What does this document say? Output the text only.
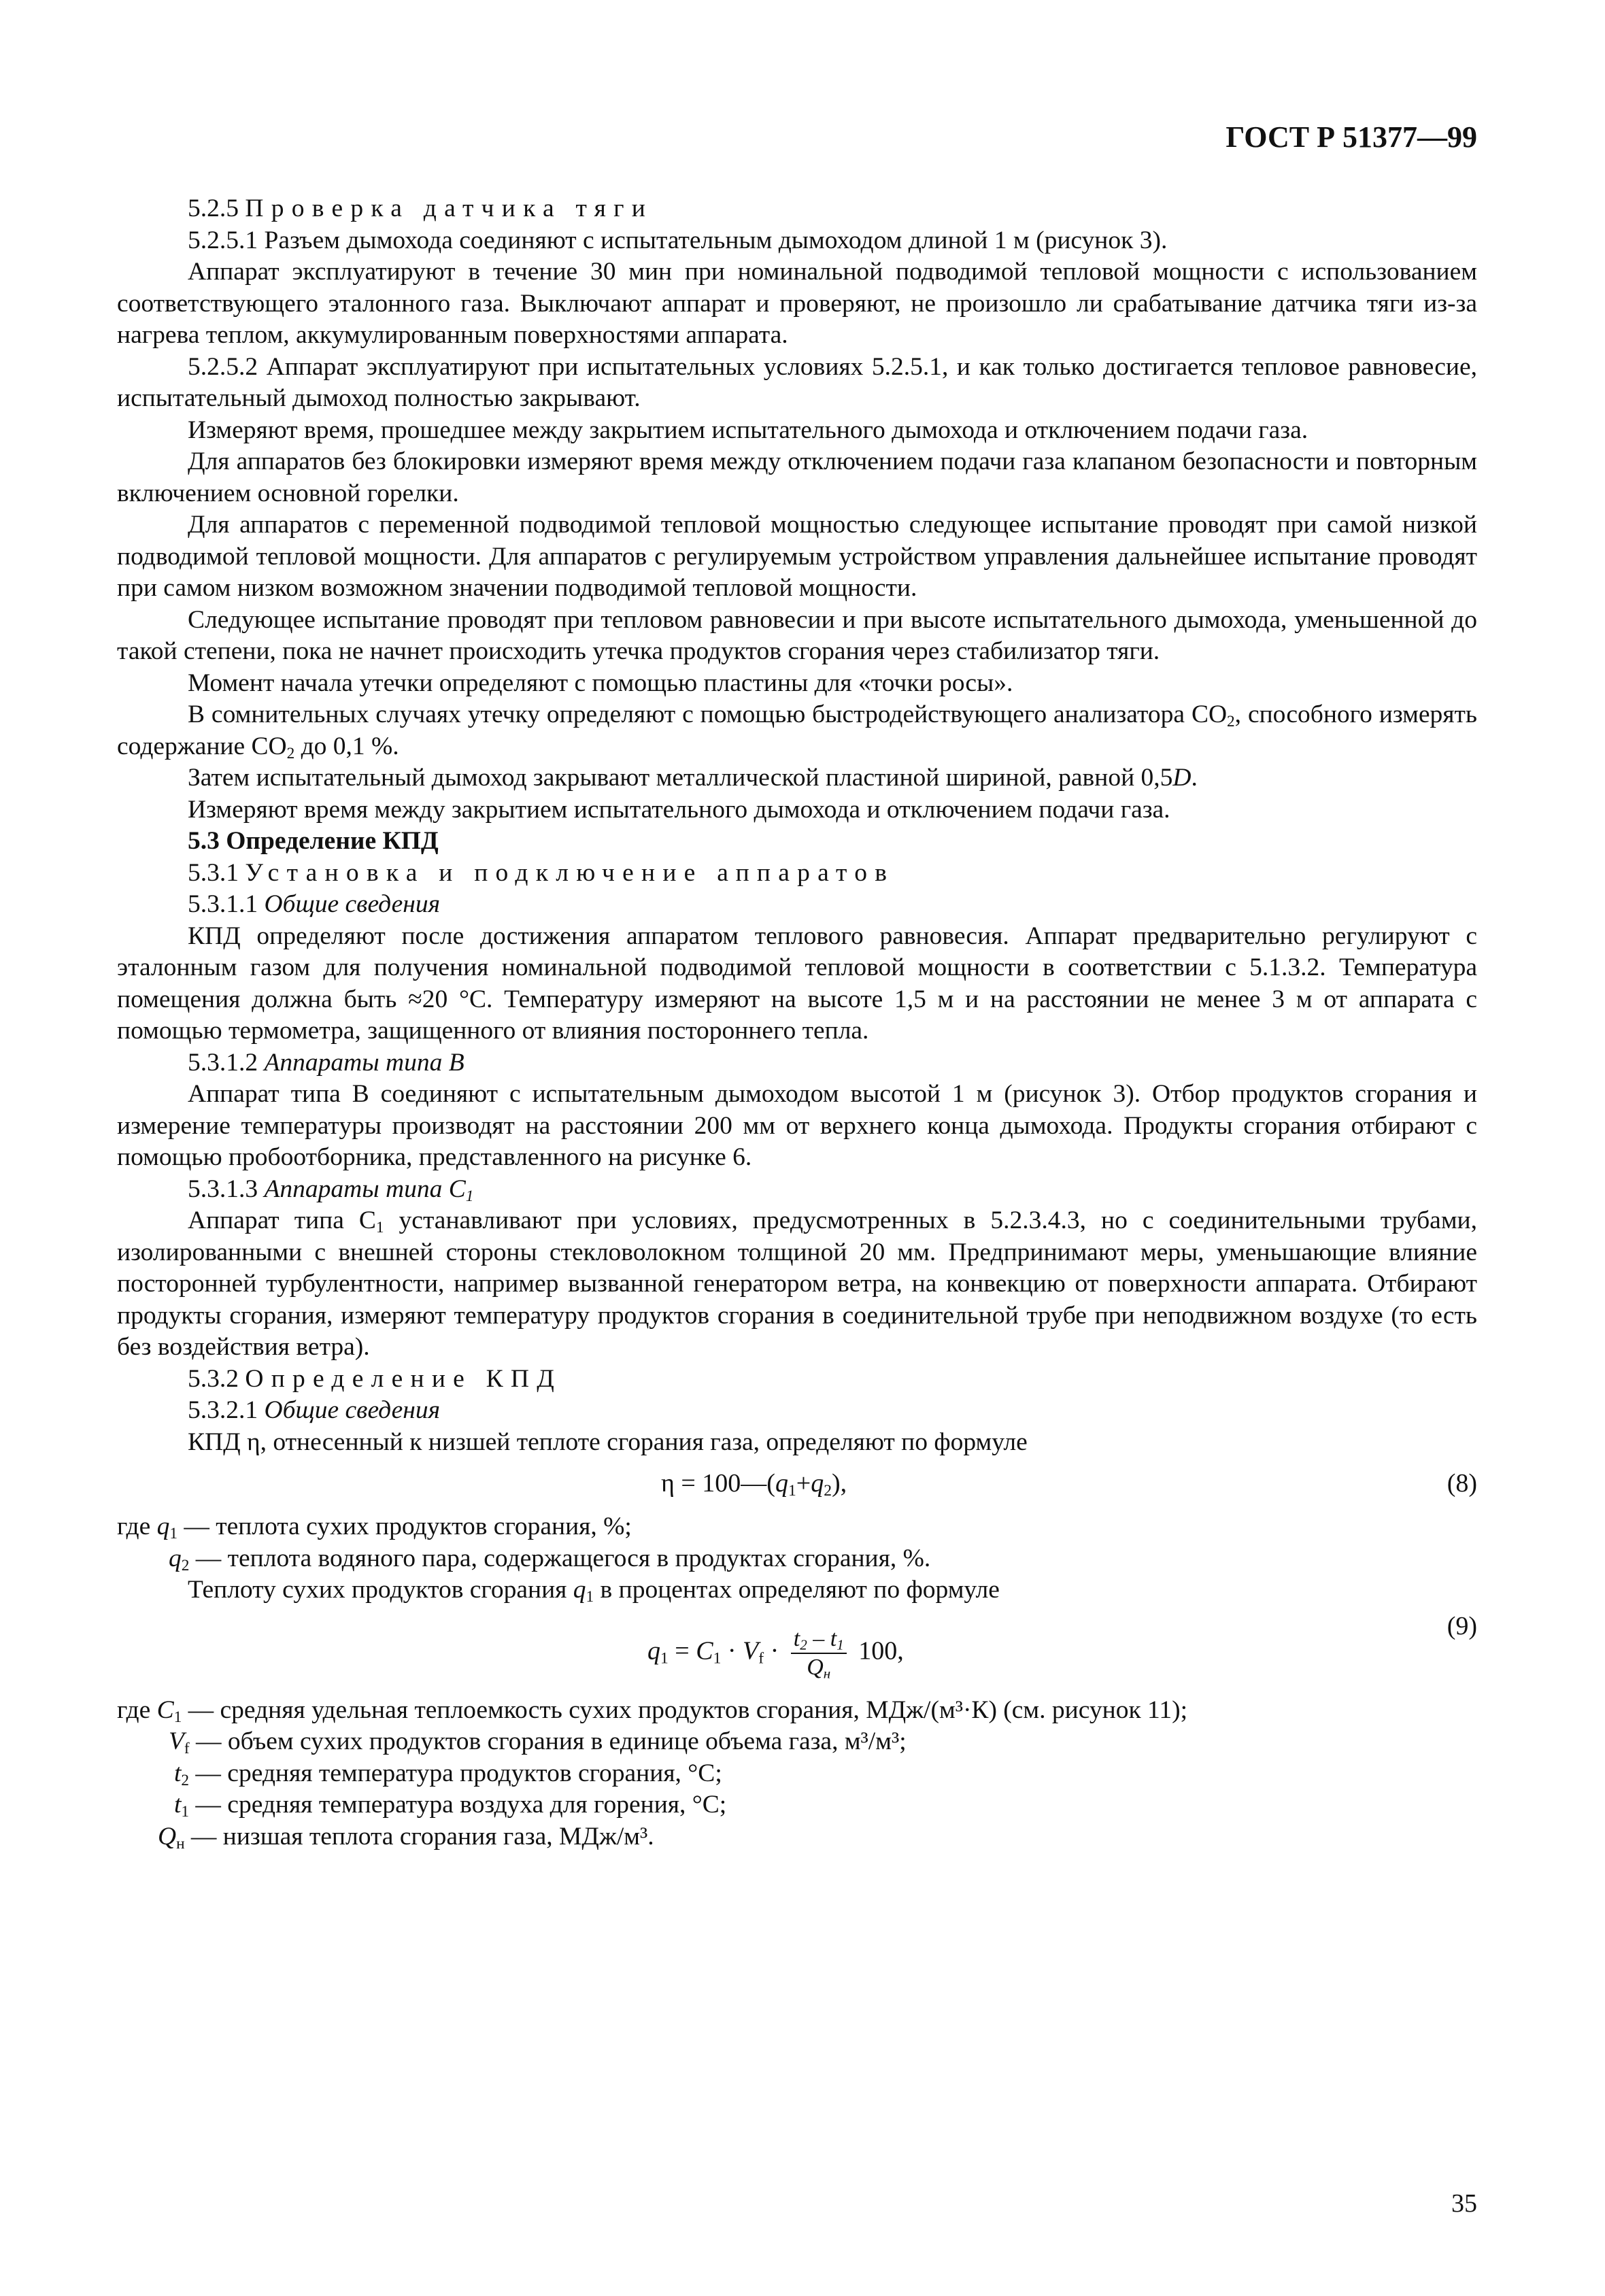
ГОСТ Р 51377—99

5.2.5 Проверка датчика тяги

5.2.5.1 Разъем дымохода соединяют с испытательным дымоходом длиной 1 м (рисунок 3).

Аппарат эксплуатируют в течение 30 мин при номинальной подводимой тепловой мощности с использованием соответствующего эталонного газа. Выключают аппарат и проверяют, не произошло ли срабатывание датчика тяги из-за нагрева теплом, аккумулированным поверхностями аппарата.

5.2.5.2 Аппарат эксплуатируют при испытательных условиях 5.2.5.1, и как только достигается тепловое равновесие, испытательный дымоход полностью закрывают.

Измеряют время, прошедшее между закрытием испытательного дымохода и отключением подачи газа.

Для аппаратов без блокировки измеряют время между отключением подачи газа клапаном безопасности и повторным включением основной горелки.

Для аппаратов с переменной подводимой тепловой мощностью следующее испытание проводят при самой низкой подводимой тепловой мощности. Для аппаратов с регулируемым устройством управления дальнейшее испытание проводят при самом низком возможном значении подводимой тепловой мощности.

Следующее испытание проводят при тепловом равновесии и при высоте испытательного дымохода, уменьшенной до такой степени, пока не начнет происходить утечка продуктов сгорания через стабилизатор тяги.

Момент начала утечки определяют с помощью пластины для «точки росы».

В сомнительных случаях утечку определяют с помощью быстродействующего анализатора $CO_2$, способного измерять содержание $CO_2$ до 0,1 %.

Затем испытательный дымоход закрывают металлической пластиной шириной, равной 0,5D.

Измеряют время между закрытием испытательного дымохода и отключением подачи газа.

5.3 Определение КПД

5.3.1 Установка и подключение аппаратов

5.3.1.1 Общие сведения

КПД определяют после достижения аппаратом теплового равновесия. Аппарат предварительно регулируют с эталонным газом для получения номинальной подводимой тепловой мощности в соответствии с 5.1.3.2. Температура помещения должна быть ≈20 °С. Температуру измеряют на высоте 1,5 м и на расстоянии не менее 3 м от аппарата с помощью термометра, защищенного от влияния постороннего тепла.

5.3.1.2 Аппараты типа В

Аппарат типа В соединяют с испытательным дымоходом высотой 1 м (рисунок 3). Отбор продуктов сгорания и измерение температуры производят на расстоянии 200 мм от верхнего конца дымохода. Продукты сгорания отбирают с помощью пробоотборника, представленного на рисунке 6.

5.3.1.3 Аппараты типа $С_1$

Аппарат типа $С_1$ устанавливают при условиях, предусмотренных в 5.2.3.4.3, но с соединительными трубами, изолированными с внешней стороны стекловолокном толщиной 20 мм. Предпринимают меры, уменьшающие влияние посторонней турбулентности, например вызванной генератором ветра, на конвекцию от поверхности аппарата. Отбирают продукты сгорания, измеряют температуру продуктов сгорания в соединительной трубе при неподвижном воздухе (то есть без воздействия ветра).

5.3.2 Определение КПД

5.3.2.1 Общие сведения

КПД η, отнесенный к низшей теплоте сгорания газа, определяют по формуле

$\eta = 100—(q_1+q_2)$,	(8)

где $q_1$ — теплота сухих продуктов сгорания, %;

$q_2$ — теплота водяного пара, содержащегося в продуктах сгорания, %.

Теплоту сухих продуктов сгорания $q_1$ в процентах определяют по формуле

$q_1 = C_1 \cdot V_f \cdot \frac{t_2 - t_1}{Q_н} 100$,
(9)

где $C_1$ — средняя удельная теплоемкость сухих продуктов сгорания, МДж/(м³·К) (см. рисунок 11);

$V_f$ — объем сухих продуктов сгорания в единице объема газа, м³/м³;

$t_2$ — средняя температура продуктов сгорания, °С;

$t_1$ — средняя температура воздуха для горения, °С;

$Q_н$ — низшая теплота сгорания газа, МДж/м³.

35
